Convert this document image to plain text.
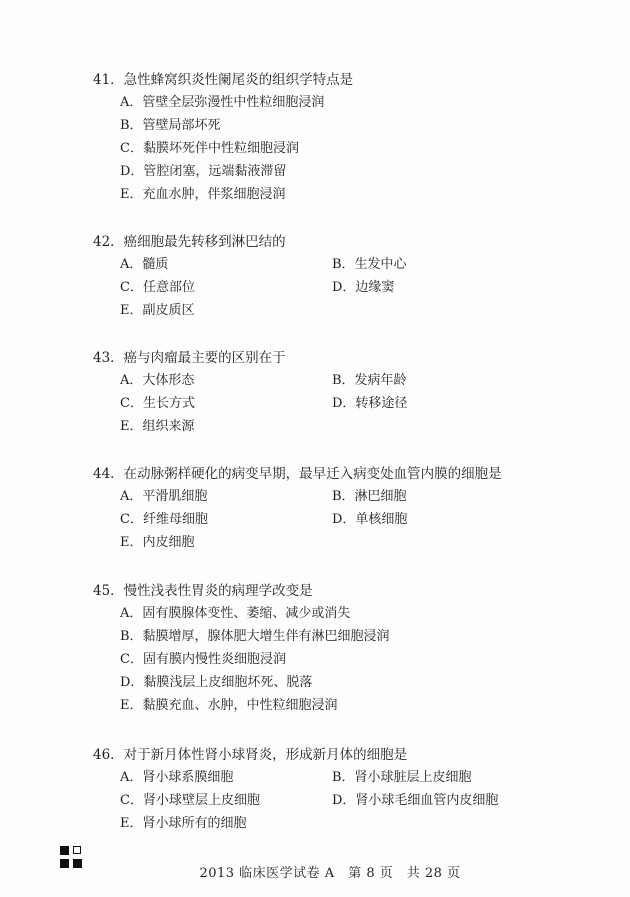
41．急性蜂窝织炎性阑尾炎的组织学特点是
A．管壁全层弥漫性中性粒细胞浸润
B．管壁局部坏死
C．黏膜坏死伴中性粒细胞浸润
D．管腔闭塞，远端黏液滞留
E．充血水肿，伴浆细胞浸润
42．癌细胞最先转移到淋巴结的
A．髓质	B．生发中心
C．任意部位	D．边缘窦
E．副皮质区
43．癌与肉瘤最主要的区别在于
A．大体形态	B．发病年龄
C．生长方式	D．转移途径
E．组织来源
44．在动脉粥样硬化的病变早期，最早迁入病变处血管内膜的细胞是
A．平滑肌细胞	B．淋巴细胞
C．纤维母细胞	D．单核细胞
E．内皮细胞
45．慢性浅表性胃炎的病理学改变是
A．固有膜腺体变性、萎缩、减少或消失
B．黏膜增厚，腺体肥大增生伴有淋巴细胞浸润
C．固有膜内慢性炎细胞浸润
D．黏膜浅层上皮细胞坏死、脱落
E．黏膜充血、水肿，中性粒细胞浸润
46．对于新月体性肾小球肾炎，形成新月体的细胞是
A．肾小球系膜细胞	B．肾小球脏层上皮细胞
C．肾小球壁层上皮细胞	D．肾小球毛细血管内皮细胞
E．肾小球所有的细胞
2013 临床医学试卷 A　第 8 页　共 28 页
